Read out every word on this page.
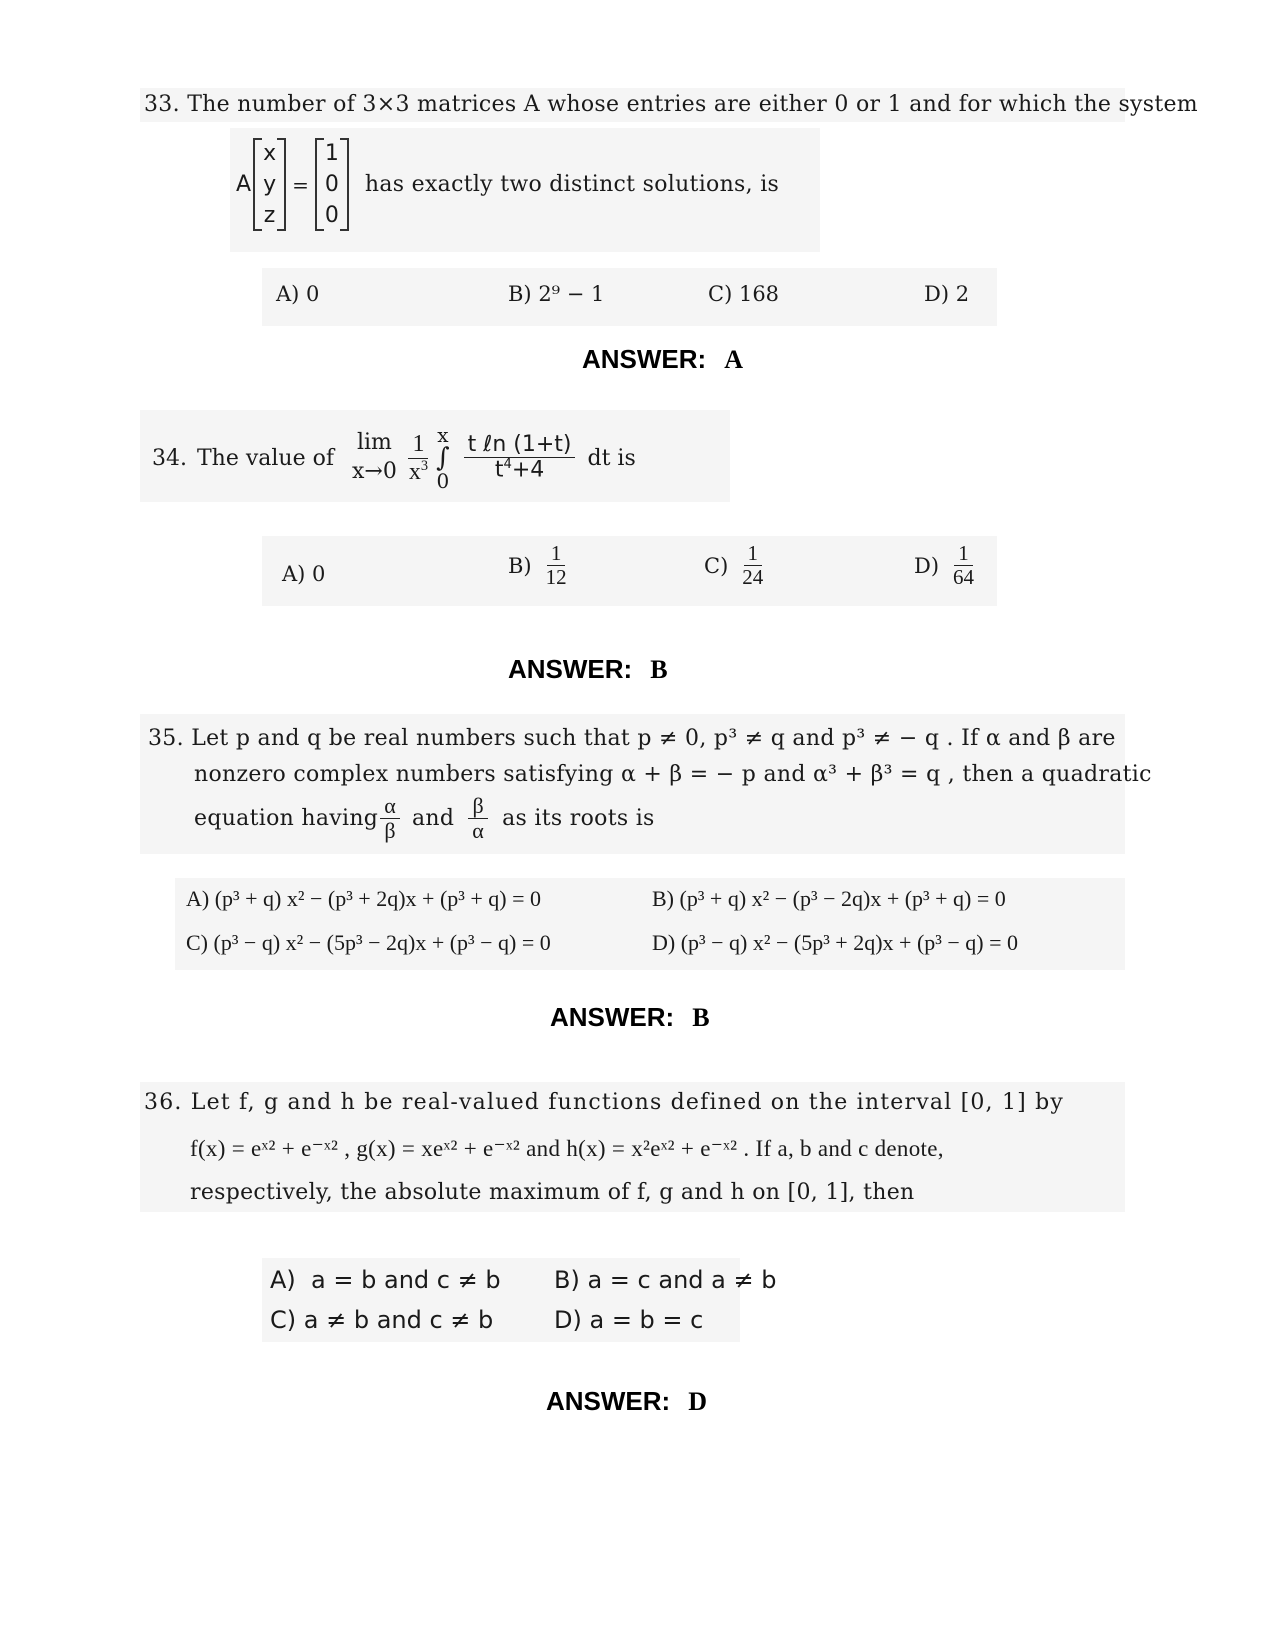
33. The number of 3×3 matrices A whose entries are either 0 or 1 and for which the system
A
x
y
z
=
1
0
0
has exactly two distinct solutions, is
A) 0	B) 2⁹ − 1	C) 168	D) 2
ANSWER: A
34. The value of
lim
$x\to 0 \frac{1}{x^3}$ x
∫
$0 \frac{\text{t ℓn (1+t)}}{t^4+4}$ dt is
A) 0	$B) \frac{1}{12}$	$C) \frac{1}{24}$	$D) \frac{1}{64}$
ANSWER: B
35. Let p and q be real numbers such that p ≠ 0, p³ ≠ q and p³ ≠ − q . If α and β are
nonzero complex numbers satisfying α + β = − p and α³ + β³ = q , then a quadratic
equation having $\frac{\alpha}{\beta}$ and $\frac{\beta}{\alpha}$ as its roots is
A) (p³ + q) x² − (p³ + 2q)x + (p³ + q) = 0	B) (p³ + q) x² − (p³ − 2q)x + (p³ + q) = 0
C) (p³ − q) x² − (5p³ − 2q)x + (p³ − q) = 0	D) (p³ − q) x² − (5p³ + 2q)x + (p³ − q) = 0
ANSWER: B
36. Let f, g and h be real-valued functions defined on the interval [0, 1] by
f(x) = eˣ² + e⁻ˣ² , g(x) = xeˣ² + e⁻ˣ² and h(x) = x²eˣ² + e⁻ˣ² . If a, b and c denote,
respectively, the absolute maximum of f, g and h on [0, 1], then
A) a = b and c ≠ b B) a = c and a ≠ b
C) a ≠ b and c ≠ b	D) a = b = c
ANSWER: D
